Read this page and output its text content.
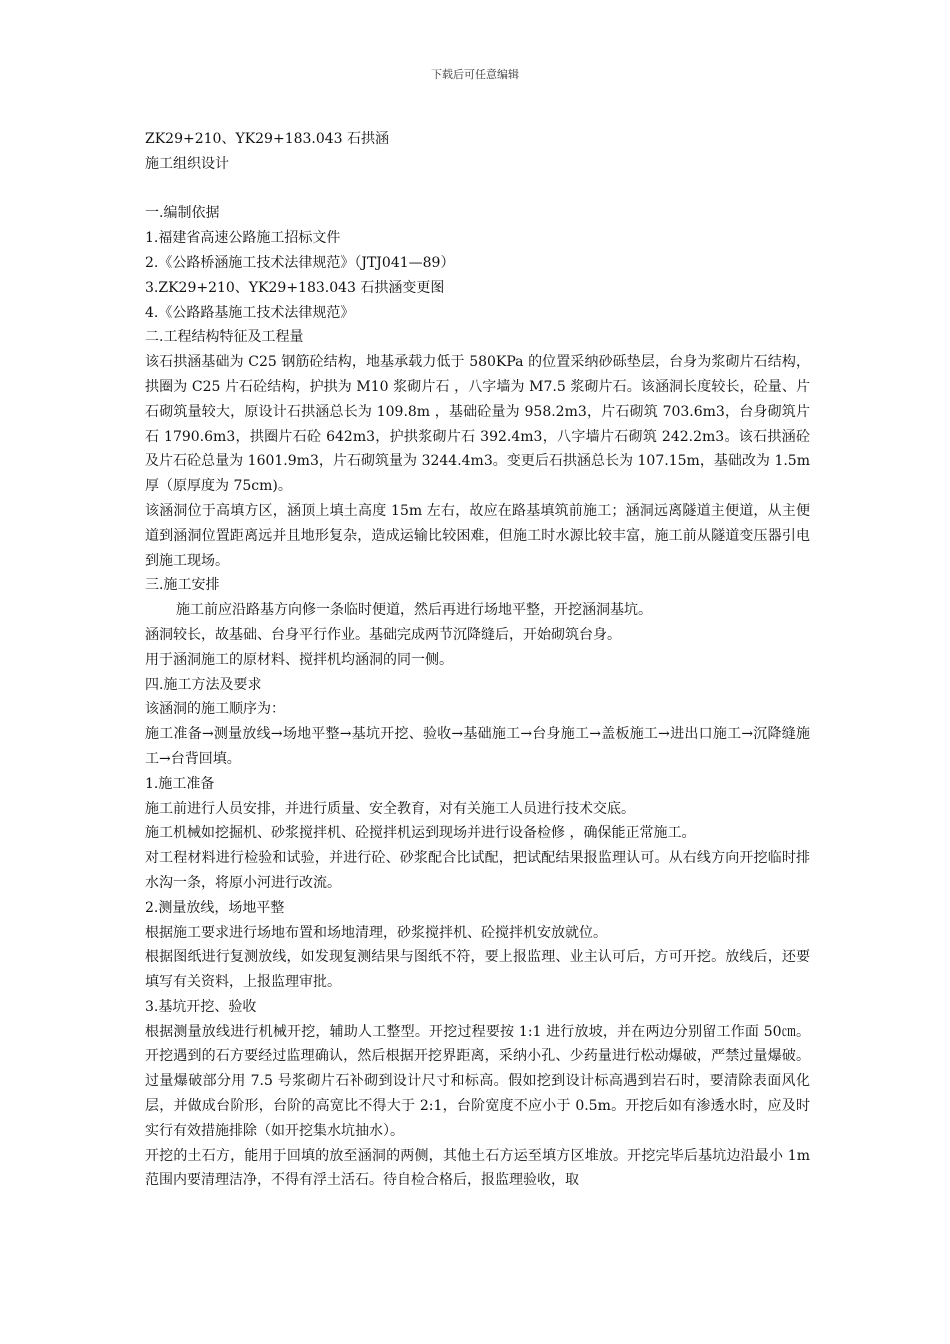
下载后可任意编辑

ZK29+210、YK29+183.043 石拱涵

施工组织设计

一.编制依据

1.福建省高速公路施工招标文件

2.《公路桥涵施工技术法律规范》（JTJ041—89）

3.ZK29+210、YK29+183.043 石拱涵变更图

4.《公路路基施工技术法律规范》

二.工程结构特征及工程量

该石拱涵基础为 C25 钢筋砼结构，地基承载力低于 580KPa 的位置采纳砂砾垫层，台身为浆砌片石结构，拱圈为 C25 片石砼结构，护拱为 M10 浆砌片石 ，八字墙为 M7.5 浆砌片石。该涵洞长度较长，砼量、片石砌筑量较大，原设计石拱涵总长为 109.8m ，基础砼量为 958.2m3，片石砌筑 703.6m3，台身砌筑片石 1790.6m3，拱圈片石砼 642m3，护拱浆砌片石 392.4m3，八字墙片石砌筑 242.2m3。该石拱涵砼及片石砼总量为 1601.9m3，片石砌筑量为 3244.4m3。变更后石拱涵总长为 107.15m，基础改为 1.5m 厚（原厚度为 75cm)。

该涵洞位于高填方区，涵顶上填土高度 15m 左右，故应在路基填筑前施工；涵洞远离隧道主便道，从主便道到涵洞位置距离远并且地形复杂，造成运输比较困难，但施工时水源比较丰富，施工前从隧道变压器引电到施工现场。

三.施工安排

施工前应沿路基方向修一条临时便道，然后再进行场地平整，开挖涵洞基坑。

涵洞较长，故基础、台身平行作业。基础完成两节沉降缝后，开始砌筑台身。

用于涵洞施工的原材料、搅拌机均涵洞的同一侧。

四.施工方法及要求

该涵洞的施工顺序为：

施工准备→测量放线→场地平整→基坑开挖、验收→基础施工→台身施工→盖板施工→进出口施工→沉降缝施工→台背回填。

1.施工准备

施工前进行人员安排，并进行质量、安全教育，对有关施工人员进行技术交底。

施工机械如挖掘机、砂浆搅拌机、砼搅拌机运到现场并进行设备检修 ，确保能正常施工。

对工程材料进行检验和试验，并进行砼、砂浆配合比试配，把试配结果报监理认可。从右线方向开挖临时排水沟一条，将原小河进行改流。

2.测量放线，场地平整

根据施工要求进行场地布置和场地清理，砂浆搅拌机、砼搅拌机安放就位。

根据图纸进行复测放线，如发现复测结果与图纸不符，要上报监理、业主认可后，方可开挖。放线后，还要填写有关资料，上报监理审批。

3.基坑开挖、验收

根据测量放线进行机械开挖，辅助人工整型。开挖过程要按 1:1 进行放坡，并在两边分别留工作面 50㎝。开挖遇到的石方要经过监理确认，然后根据开挖界距离，采纳小孔、少药量进行松动爆破，严禁过量爆破。过量爆破部分用 7.5 号浆砌片石补砌到设计尺寸和标高。假如挖到设计标高遇到岩石时，要清除表面风化层，并做成台阶形，台阶的高宽比不得大于 2:1，台阶宽度不应小于 0.5m。开挖后如有渗透水时，应及时实行有效措施排除（如开挖集水坑抽水）。

开挖的土石方，能用于回填的放至涵洞的两侧，其他土石方运至填方区堆放。开挖完毕后基坑边沿最小 1m 范围内要清理洁净，不得有浮土活石。待自检合格后，报监理验收，取
